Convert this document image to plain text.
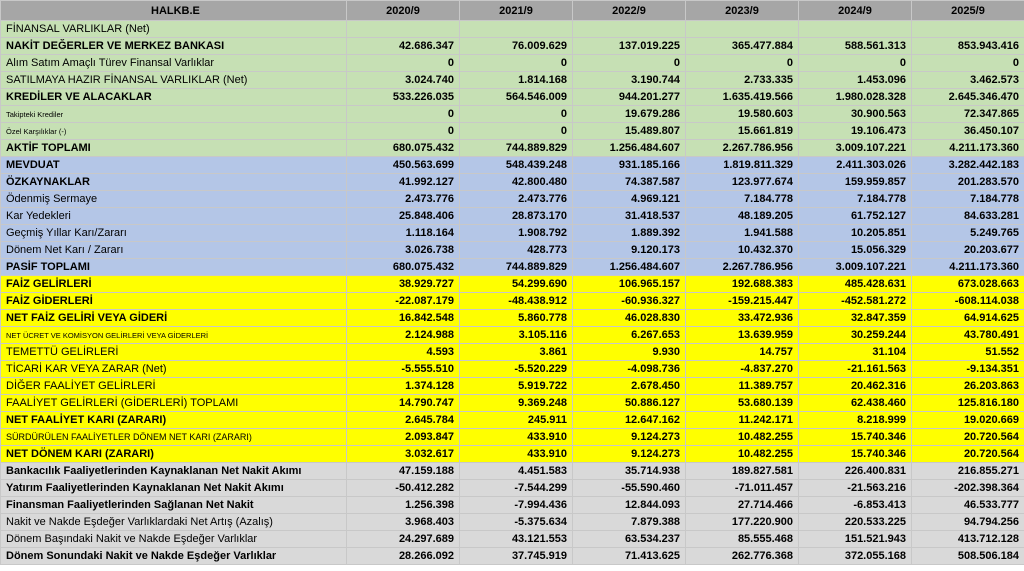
HALKB.E	2020/9	2021/9	2022/9	2023/9	2024/9	2025/9
FİNANSAL VARLIKLAR (Net)						
NAKİT DEĞERLER VE MERKEZ BANKASI	42.686.347	76.009.629	137.019.225	365.477.884	588.561.313	853.943.416
Alım Satım Amaçlı Türev Finansal Varlıklar	0	0	0	0	0	0
SATILMAYA HAZIR FİNANSAL VARLIKLAR (Net)	3.024.740	1.814.168	3.190.744	2.733.335	1.453.096	3.462.573
KREDİLER VE ALACAKLAR	533.226.035	564.546.009	944.201.277	1.635.419.566	1.980.028.328	2.645.346.470
Takipteki Krediler	0	0	19.679.286	19.580.603	30.900.563	72.347.865
Özel Karşılıklar (-)	0	0	15.489.807	15.661.819	19.106.473	36.450.107
AKTİF TOPLAMI	680.075.432	744.889.829	1.256.484.607	2.267.786.956	3.009.107.221	4.211.173.360
MEVDUAT	450.563.699	548.439.248	931.185.166	1.819.811.329	2.411.303.026	3.282.442.183
ÖZKAYNAKLAR	41.992.127	42.800.480	74.387.587	123.977.674	159.959.857	201.283.570
Ödenmiş Sermaye	2.473.776	2.473.776	4.969.121	7.184.778	7.184.778	7.184.778
Kar Yedekleri	25.848.406	28.873.170	31.418.537	48.189.205	61.752.127	84.633.281
Geçmiş Yıllar Karı/Zararı	1.118.164	1.908.792	1.889.392	1.941.588	10.205.851	5.249.765
Dönem Net Karı / Zararı	3.026.738	428.773	9.120.173	10.432.370	15.056.329	20.203.677
PASİF TOPLAMI	680.075.432	744.889.829	1.256.484.607	2.267.786.956	3.009.107.221	4.211.173.360
FAİZ GELİRLERİ	38.929.727	54.299.690	106.965.157	192.688.383	485.428.631	673.028.663
FAİZ GİDERLERİ	-22.087.179	-48.438.912	-60.936.327	-159.215.447	-452.581.272	-608.114.038
NET FAİZ GELİRİ VEYA GİDERİ	16.842.548	5.860.778	46.028.830	33.472.936	32.847.359	64.914.625
NET ÜCRET VE KOMİSYON GELİRLERİ VEYA GİDERLERİ	2.124.988	3.105.116	6.267.653	13.639.959	30.259.244	43.780.491
TEMETTÜ GELİRLERİ	4.593	3.861	9.930	14.757	31.104	51.552
TİCARİ KAR VEYA ZARAR (Net)	-5.555.510	-5.520.229	-4.098.736	-4.837.270	-21.161.563	-9.134.351
DİĞER FAALİYET GELİRLERİ	1.374.128	5.919.722	2.678.450	11.389.757	20.462.316	26.203.863
FAALİYET GELİRLERİ (GİDERLERİ) TOPLAMI	14.790.747	9.369.248	50.886.127	53.680.139	62.438.460	125.816.180
NET FAALİYET KARI (ZARARI)	2.645.784	245.911	12.647.162	11.242.171	8.218.999	19.020.669
SÜRDÜRÜLEN FAALİYETLER DÖNEM NET KARI (ZARARI)	2.093.847	433.910	9.124.273	10.482.255	15.740.346	20.720.564
NET DÖNEM KARI (ZARARI)	3.032.617	433.910	9.124.273	10.482.255	15.740.346	20.720.564
Bankacılık Faaliyetlerinden Kaynaklanan Net Nakit Akımı	47.159.188	4.451.583	35.714.938	189.827.581	226.400.831	216.855.271
Yatırım Faaliyetlerinden Kaynaklanan Net Nakit Akımı	-50.412.282	-7.544.299	-55.590.460	-71.011.457	-21.563.216	-202.398.364
Finansman Faaliyetlerinden Sağlanan Net Nakit	1.256.398	-7.994.436	12.844.093	27.714.466	-6.853.413	46.533.777
Nakit ve Nakde Eşdeğer Varlıklardaki Net Artış (Azalış)	3.968.403	-5.375.634	7.879.388	177.220.900	220.533.225	94.794.256
Dönem Başındaki Nakit ve Nakde Eşdeğer Varlıklar	24.297.689	43.121.553	63.534.237	85.555.468	151.521.943	413.712.128
Dönem Sonundaki Nakit ve Nakde Eşdeğer Varlıklar	28.266.092	37.745.919	71.413.625	262.776.368	372.055.168	508.506.184
